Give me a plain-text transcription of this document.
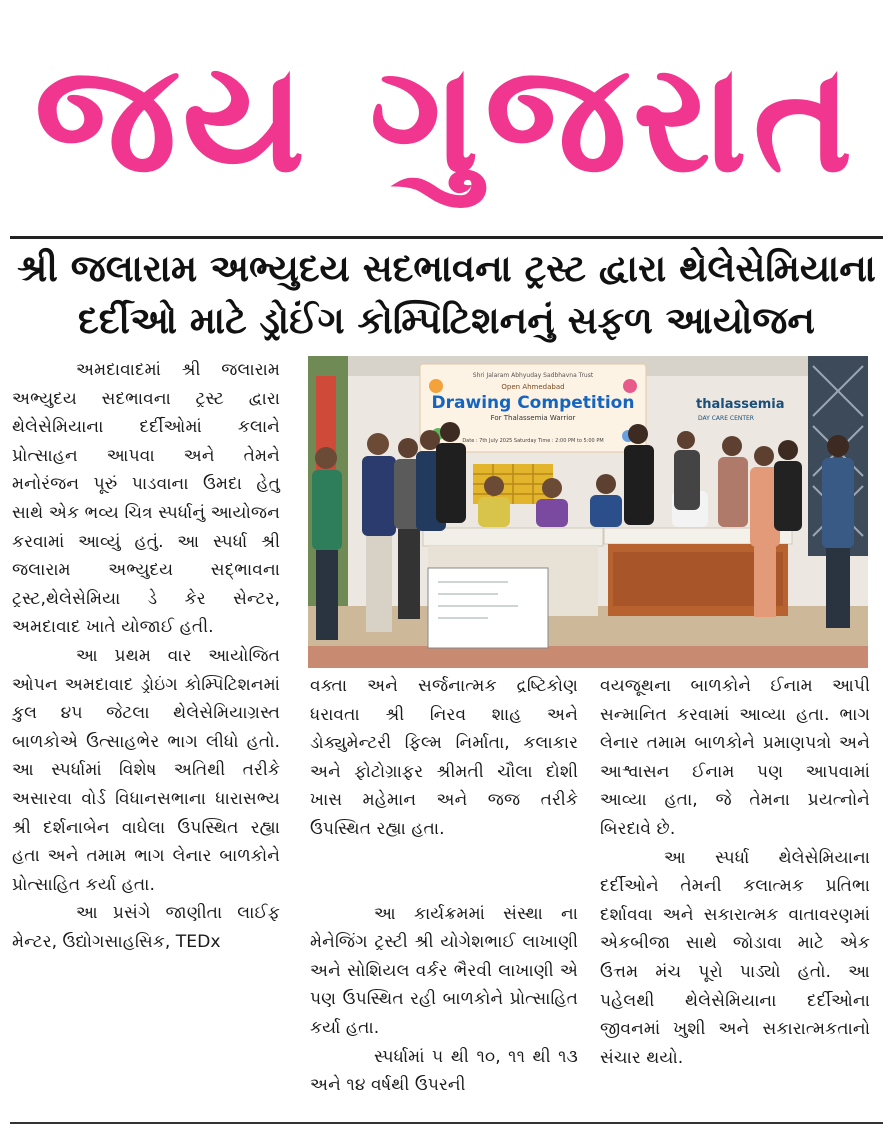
જય ગુજરાત
શ્રી જલારામ અભ્યુદય સદભાવના ટ્રસ્ટ દ્વારા થેલેસેમિયાના
દર્દીઓ માટે ડ્રોઈંગ કોમ્પિટિશનનું સફળ આયોજન

અમદાવાદમાં શ્રી જલારામ અભ્યુદય સદભાવના ટ્રસ્ટ દ્વારા થેલેસેમિયાના દર્દીઓમાં કલાને પ્રોત્સાહન આપવા અને તેમને મનોરંજન પૂરું પાડવાના ઉમદા હેતુ સાથે એક ભવ્ય ચિત્ર સ્પર્ધાનું આયોજન કરવામાં આવ્યું હતું. આ સ્પર્ધા શ્રી જલારામ અભ્યુદય સદ્ભાવના ટ્રસ્ટ,થેલેસેમિયા ડે કેર સેન્ટર, અમદાવાદ ખાતે યોજાઈ હતી.

આ પ્રથમ વાર આયોજિત ઓપન અમદાવાદ ડ્રોઇંગ કોમ્પિટિશનમાં કુલ ૪૫ જેટલા થેલેસેમિયાગ્રસ્ત બાળકોએ ઉત્સાહભેર ભાગ લીધો હતો. આ સ્પર્ધામાં વિશેષ અતિથી તરીકે અસારવા વોર્ડ વિધાનસભાના ધારાસભ્ય શ્રી દર્શનાબેન વાઘેલા ઉપસ્થિત રહ્યા હતા અને તમામ ભાગ લેનાર બાળકોને પ્રોત્સાહિત કર્યા હતા.

આ પ્રસંગે જાણીતા લાઈફ મેન્ટર, ઉદ્યોગસાહસિક, TEDx

Shri Jalaram Abhyuday Sadbhavna Trust
Open Ahmedabad
Drawing Competition
For Thalassemia Warrior
Date : 7th July 2025 Saturday Time : 2:00 PM to 5:00 PM
thalassemia
DAY CARE CENTER

વક્તા અને સર્જનાત્મક દ્રષ્ટિકોણ ધરાવતા શ્રી નિરવ શાહ અને ડોક્યુમેન્ટરી ફિલ્મ નિર્માતા, કલાકાર અને ફોટોગ્રાફર શ્રીમતી ચૌલા દોશી ખાસ મહેમાન અને જજ તરીકે ઉપસ્થિત રહ્યા હતા.

આ કાર્યક્રમમાં સંસ્થા ના મેનેજિંગ ટ્રસ્ટી શ્રી યોગેશભાઈ લાખાણી અને સોશિયલ વર્કર ભૈરવી લાખાણી એ પણ ઉપસ્થિત રહી બાળકોને પ્રોત્સાહિત કર્યા હતા.

સ્પર્ધામાં ૫ થી ૧૦, ૧૧ થી ૧૩ અને ૧૪ વર્ષથી ઉપરની

વયજૂથના બાળકોને ઈનામ આપી સન્માનિત કરવામાં આવ્યા હતા. ભાગ લેનાર તમામ બાળકોને પ્રમાણપત્રો અને આશ્વાસન ઈનામ પણ આપવામાં આવ્યા હતા, જે તેમના પ્રયત્નોને બિરદાવે છે.

આ સ્પર્ધા થેલેસેમિયાના દર્દીઓને તેમની કલાત્મક પ્રતિભા દર્શાવવા અને સકારાત્મક વાતાવરણમાં એકબીજા સાથે જોડાવા માટે એક ઉત્તમ મંચ પૂરો પાડ્યો હતો. આ પહેલથી થેલેસેમિયાના દર્દીઓના જીવનમાં ખુશી અને સકારાત્મકતાનો સંચાર થયો.
